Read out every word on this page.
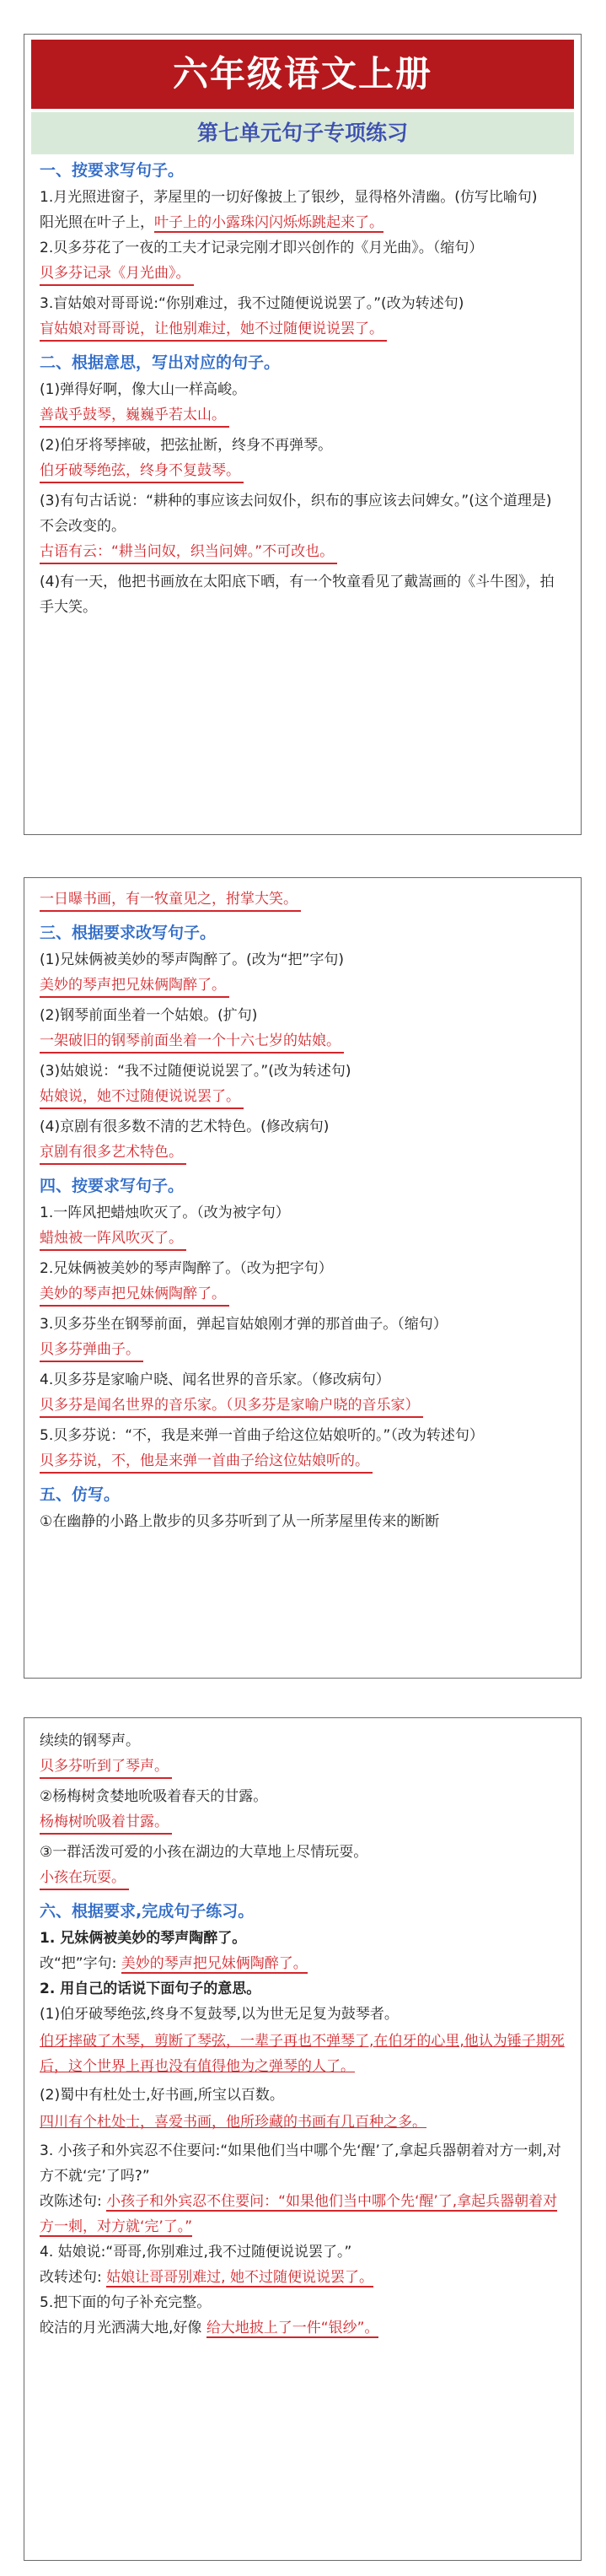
六年级语文上册
第七单元句子专项练习
一、按要求写句子。

1.月光照进窗子，茅屋里的一切好像披上了银纱，显得格外清幽。(仿写比喻句)

阳光照在叶子上，叶子上的小露珠闪闪烁烁跳起来了。

2.贝多芬花了一夜的工夫才记录完刚才即兴创作的《月光曲》。（缩句）

贝多芬记录《月光曲》。

3.盲姑娘对哥哥说:“你别难过，我不过随便说说罢了。”(改为转述句)

盲姑娘对哥哥说，让他别难过，她不过随便说说罢了。
二、根据意思，写出对应的句子。

(1)弹得好啊，像大山一样高峻。

善哉乎鼓琴，巍巍乎若太山。

(2)伯牙将琴摔破，把弦扯断，终身不再弹琴。

伯牙破琴绝弦，终身不复鼓琴。

(3)有句古话说：“耕种的事应该去问奴仆，织布的事应该去问婢女。”(这个道理是)不会改变的。

古语有云：“耕当问奴，织当问婢。”不可改也。

(4)有一天，他把书画放在太阳底下晒，有一个牧童看见了戴嵩画的《斗牛图》，拍手大笑。

一日曝书画，有一牧童见之，拊掌大笑。
三、根据要求改写句子。

(1)兄妹俩被美妙的琴声陶醉了。(改为“把”字句)

美妙的琴声把兄妹俩陶醉了。

(2)钢琴前面坐着一个姑娘。(扩句)

一架破旧的钢琴前面坐着一个十六七岁的姑娘。

(3)姑娘说：“我不过随便说说罢了。”(改为转述句)

姑娘说，她不过随便说说罢了。

(4)京剧有很多数不清的艺术特色。(修改病句)

京剧有很多艺术特色。
四、按要求写句子。

1.一阵风把蜡烛吹灭了。（改为被字句）

蜡烛被一阵风吹灭了。

2.兄妹俩被美妙的琴声陶醉了。（改为把字句）

美妙的琴声把兄妹俩陶醉了。

3.贝多芬坐在钢琴前面，弹起盲姑娘刚才弹的那首曲子。（缩句）

贝多芬弹曲子。

4.贝多芬是家喻户晓、闻名世界的音乐家。（修改病句）

贝多芬是闻名世界的音乐家。（贝多芬是家喻户晓的音乐家）

5.贝多芬说：“不，我是来弹一首曲子给这位姑娘听的。”（改为转述句）

贝多芬说，不，他是来弹一首曲子给这位姑娘听的。
五、仿写。

①在幽静的小路上散步的贝多芬听到了从一所茅屋里传来的断断

续续的钢琴声。

贝多芬听到了琴声。

②杨梅树贪婪地吮吸着春天的甘露。

杨梅树吮吸着甘露。

③一群活泼可爱的小孩在湖边的大草地上尽情玩耍。

小孩在玩耍。
六、根据要求,完成句子练习。

1. 兄妹俩被美妙的琴声陶醉了。

改“把”字句: 美妙的琴声把兄妹俩陶醉了。

2. 用自己的话说下面句子的意思。

(1)伯牙破琴绝弦,终身不复鼓琴,以为世无足复为鼓琴者。

伯牙摔破了木琴，剪断了琴弦，一辈子再也不弹琴了,在伯牙的心里,他认为锤子期死后，这个世界上再也没有值得他为之弹琴的人了。

(2)蜀中有杜处士,好书画,所宝以百数。

四川有个杜处士，喜爱书画，他所珍藏的书画有几百种之多。

3. 小孩子和外宾忍不住要问:“如果他们当中哪个先‘醒’了,拿起兵器朝着对方一刺,对方不就‘完’了吗?”

改陈述句: 小孩子和外宾忍不住要问：“如果他们当中哪个先‘醒’了,拿起兵器朝着对方一刺，对方就‘完’了。”

4. 姑娘说:“哥哥,你别难过,我不过随便说说罢了。”

改转述句: 姑娘让哥哥别难过, 她不过随便说说罢了。

5.把下面的句子补充完整。

皎洁的月光洒满大地,好像 给大地披上了一件“银纱”。
